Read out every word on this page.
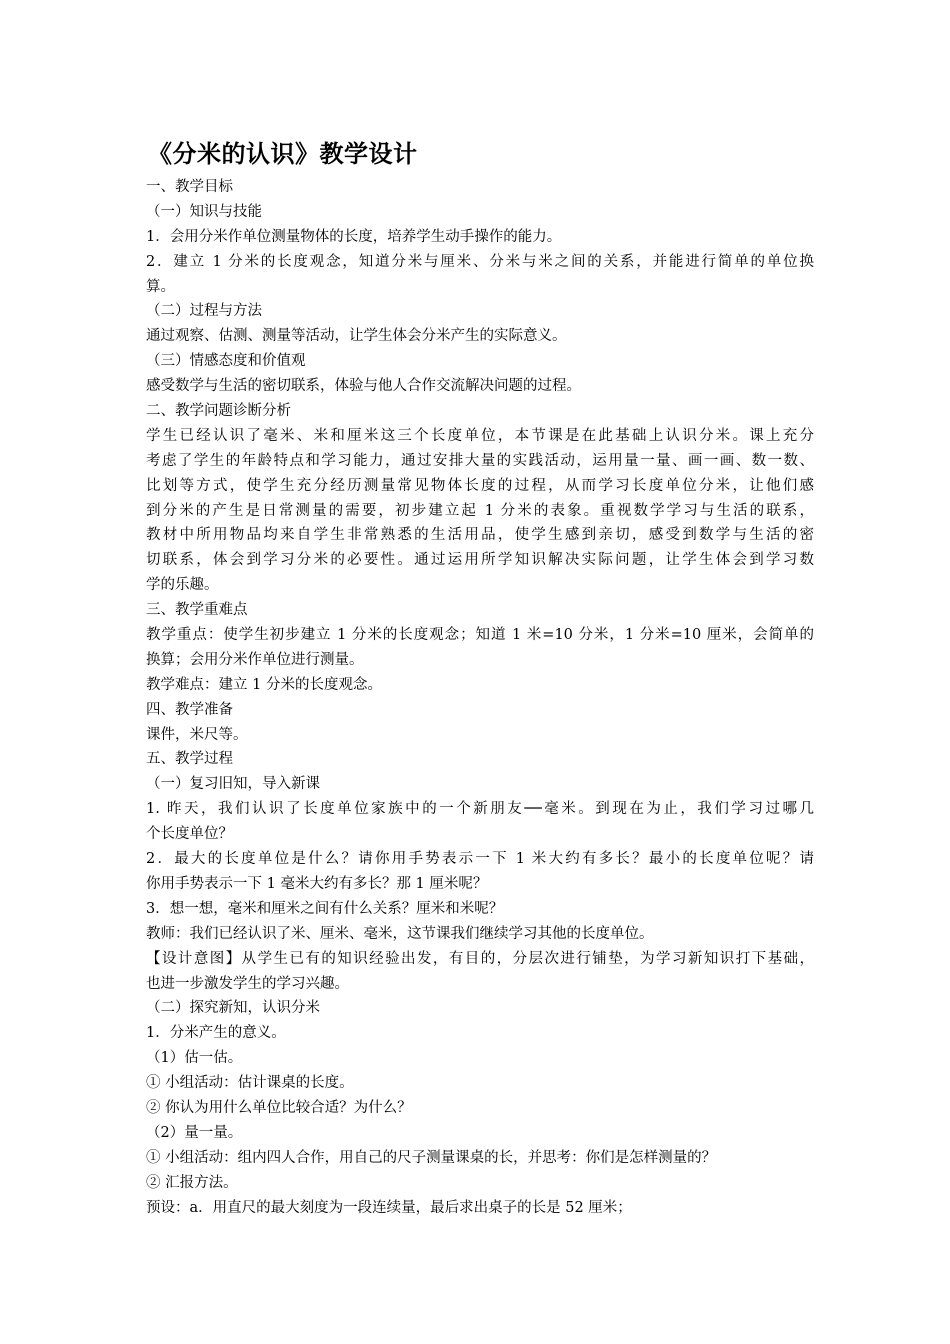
《分米的认识》教学设计
一、教学目标
（一）知识与技能
1．会用分米作单位测量物体的长度，培养学生动手操作的能力。
2．建立 1 分米的长度观念，知道分米与厘米、分米与米之间的关系，并能进行简单的单位换
算。
（二）过程与方法
通过观察、估测、测量等活动，让学生体会分米产生的实际意义。
（三）情感态度和价值观
感受数学与生活的密切联系，体验与他人合作交流解决问题的过程。
二、教学问题诊断分析
学生已经认识了毫米、米和厘米这三个长度单位，本节课是在此基础上认识分米。课上充分
考虑了学生的年龄特点和学习能力，通过安排大量的实践活动，运用量一量、画一画、数一数、
比划等方式，使学生充分经历测量常见物体长度的过程，从而学习长度单位分米，让他们感
到分米的产生是日常测量的需要，初步建立起 1 分米的表象。重视数学学习与生活的联系，
教材中所用物品均来自学生非常熟悉的生活用品，使学生感到亲切，感受到数学与生活的密
切联系，体会到学习分米的必要性。通过运用所学知识解决实际问题，让学生体会到学习数
学的乐趣。
三、教学重难点
教学重点：使学生初步建立 1 分米的长度观念；知道 1 米=10 分米，1 分米=10 厘米，会简单的
换算；会用分米作单位进行测量。
教学难点：建立 1 分米的长度观念。
四、教学准备
课件，米尺等。
五、教学过程
（一）复习旧知，导入新课
1. 昨天，我们认识了长度单位家族中的一个新朋友──毫米。到现在为止，我们学习过哪几
个长度单位？
2．最大的长度单位是什么？请你用手势表示一下 1 米大约有多长？最小的长度单位呢？请
你用手势表示一下 1 毫米大约有多长？那 1 厘米呢？
3．想一想，毫米和厘米之间有什么关系？厘米和米呢？
教师：我们已经认识了米、厘米、毫米，这节课我们继续学习其他的长度单位。
【设计意图】从学生已有的知识经验出发，有目的，分层次进行铺垫，为学习新知识打下基础，
也进一步激发学生的学习兴趣。
（二）探究新知，认识分米
1．分米产生的意义。
（1）估一估。
① 小组活动：估计课桌的长度。
② 你认为用什么单位比较合适？为什么？
（2）量一量。
① 小组活动：组内四人合作，用自己的尺子测量课桌的长，并思考：你们是怎样测量的？
② 汇报方法。
预设：a．用直尺的最大刻度为一段连续量，最后求出桌子的长是 52 厘米；
